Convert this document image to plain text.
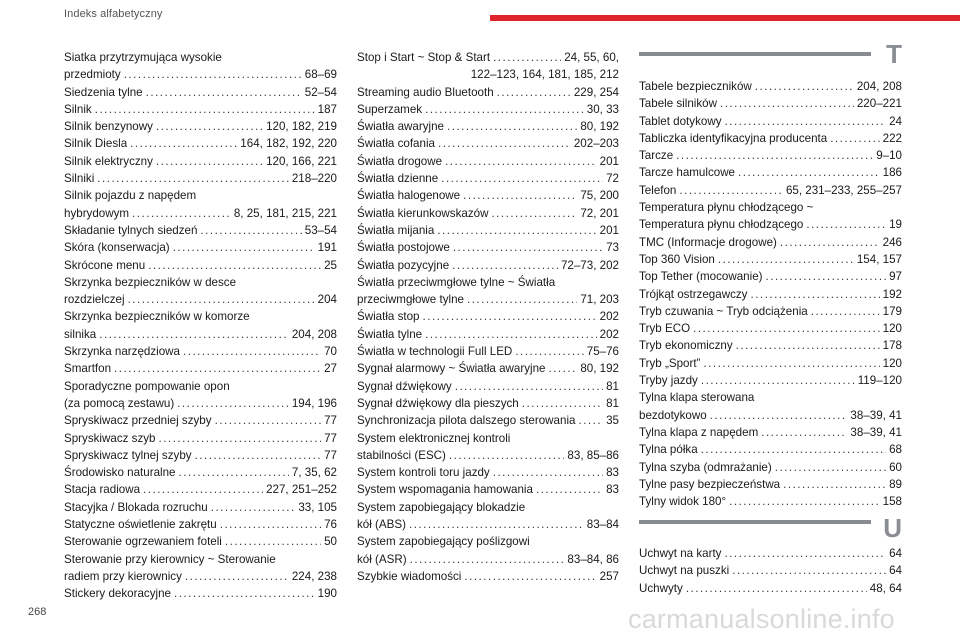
Indeks alfabetyczny
Siatka przytrzymująca wysokie
przedmioty .....	68–69
Siedzenia tylne .....	52–54
Silnik .....	187
Silnik benzynowy .....	120, 182, 219
Silnik Diesla .....	164, 182, 192, 220
Silnik elektryczny .....	120, 166, 221
Silniki .....	218–220
Silnik pojazdu z napędem
hybrydowym .....	8, 25, 181, 215, 221
Składanie tylnych siedzeń .....	53–54
Skóra (konserwacja) .....	191
Skrócone menu .....	25
Skrzynka bezpieczników w desce
rozdzielczej .....	204
Skrzynka bezpieczników w komorze
silnika .....	204, 208
Skrzynka narzędziowa .....	70
Smartfon .....	27
Sporadyczne pompowanie opon
(za pomocą zestawu) .....	194, 196
Spryskiwacz przedniej szyby .....	77
Spryskiwacz szyb .....	77
Spryskiwacz tylnej szyby .....	77
Środowisko naturalne .....	7, 35, 62
Stacja radiowa .....	227, 251–252
Stacyjka / Blokada rozruchu .....	33, 105
Statyczne oświetlenie zakrętu .....	76
Sterowanie ogrzewaniem foteli .....	50
Sterowanie przy kierownicy ~ Sterowanie
radiem przy kierownicy .....	224, 238
Stickery dekoracyjne .....	190
Stop i Start ~ Stop & Start .....	24, 55, 60,
122–123, 164, 181, 185, 212
Streaming audio Bluetooth .....	229, 254
Superzamek .....	30, 33
Światła awaryjne .....	80, 192
Światła cofania .....	202–203
Światła drogowe .....	201
Światła dzienne .....	72
Światła halogenowe .....	75, 200
Światła kierunkowskazów .....	72, 201
Światła mijania .....	201
Światła postojowe .....	73
Światła pozycyjne .....	72–73, 202
Światła przeciwmgłowe tylne ~ Światła
przeciwmgłowe tylne .....	71, 203
Światła stop .....	202
Światła tylne .....	202
Światła w technologii Full LED .....	75–76
Sygnał alarmowy ~ Światła awaryjne .....	80, 192
Sygnał dźwiękowy .....	81
Sygnał dźwiękowy dla pieszych .....	81
Synchronizacja pilota dalszego sterowania .....	35
System elektronicznej kontroli
stabilności (ESC) .....	83, 85–86
System kontroli toru jazdy .....	83
System wspomagania hamowania .....	83
System zapobiegający blokadzie
kół (ABS) .....	83–84
System zapobiegający poślizgowi
kół (ASR) .....	83–84, 86
Szybkie wiadomości .....	257
T
Tabele bezpieczników .....	204, 208
Tabele silników .....	220–221
Tablet dotykowy .....	24
Tabliczka identyfikacyjna producenta .....	222
Tarcze .....	9–10
Tarcze hamulcowe .....	186
Telefon .....	65, 231–233, 255–257
Temperatura płynu chłodzącego ~
Temperatura płynu chłodzącego .....	19
TMC (Informacje drogowe) .....	246
Top 360 Vision .....	154, 157
Top Tether (mocowanie) .....	97
Trójkąt ostrzegawczy .....	192
Tryb czuwania ~ Tryb odciążenia .....	179
Tryb ECO .....	120
Tryb ekonomiczny .....	178
Tryb „Sport” .....	120
Tryby jazdy .....	119–120
Tylna klapa sterowana
bezdotykowo .....	38–39, 41
Tylna klapa z napędem .....	38–39, 41
Tylna półka .....	68
Tylna szyba (odmrażanie) .....	60
Tylne pasy bezpieczeństwa .....	89
Tylny widok 180° .....	158
U
Uchwyt na karty .....	64
Uchwyt na puszki .....	64
Uchwyty .....	48, 64
268	carmanualsonline.info
